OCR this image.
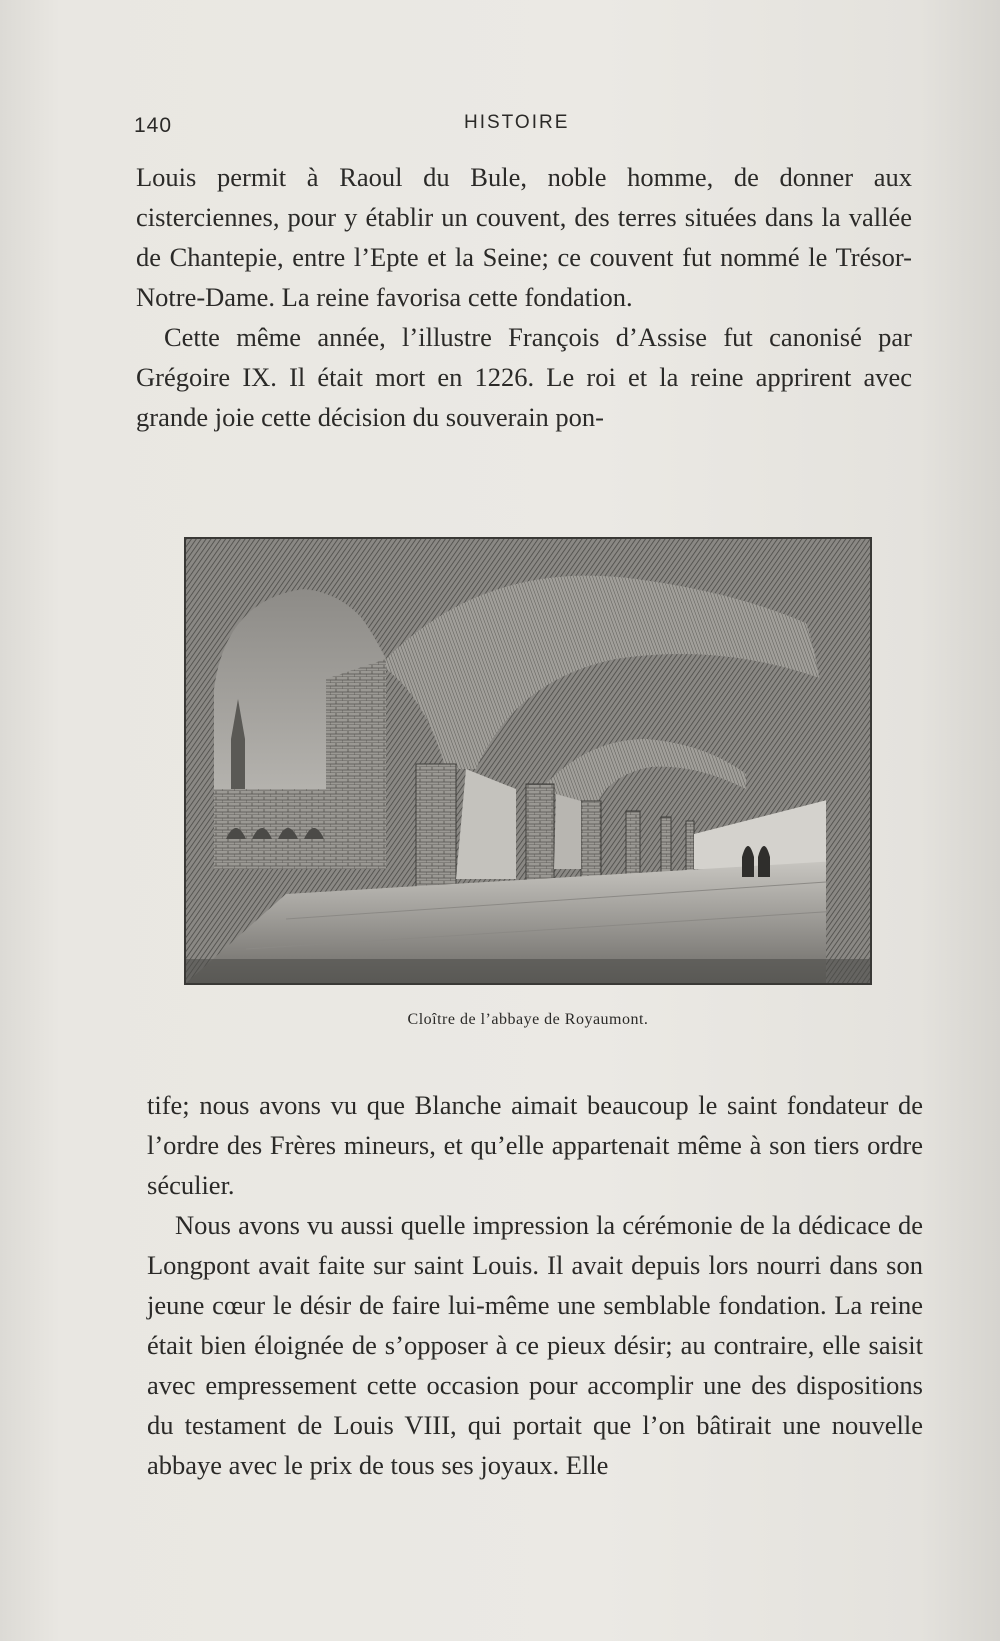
140	HISTOIRE

Louis permit à Raoul du Bule, noble homme, de donner aux cisterciennes, pour y établir un couvent, des terres situées dans la vallée de Chantepie, entre l’Epte et la Seine; ce couvent fut nommé le Trésor-Notre-Dame. La reine favorisa cette fondation.

Cette même année, l’illustre François d’Assise fut canonisé par Grégoire IX. Il était mort en 1226. Le roi et la reine apprirent avec grande joie cette décision du souverain pon-

Cloître de l’abbaye de Royaumont.

tife; nous avons vu que Blanche aimait beaucoup le saint fondateur de l’ordre des Frères mineurs, et qu’elle appartenait même à son tiers ordre séculier.

Nous avons vu aussi quelle impression la cérémonie de la dédicace de Longpont avait faite sur saint Louis. Il avait depuis lors nourri dans son jeune cœur le désir de faire lui-même une semblable fondation. La reine était bien éloignée de s’opposer à ce pieux désir; au contraire, elle saisit avec empressement cette occasion pour accomplir une des dispositions du testament de Louis VIII, qui portait que l’on bâtirait une nouvelle abbaye avec le prix de tous ses joyaux. Elle
